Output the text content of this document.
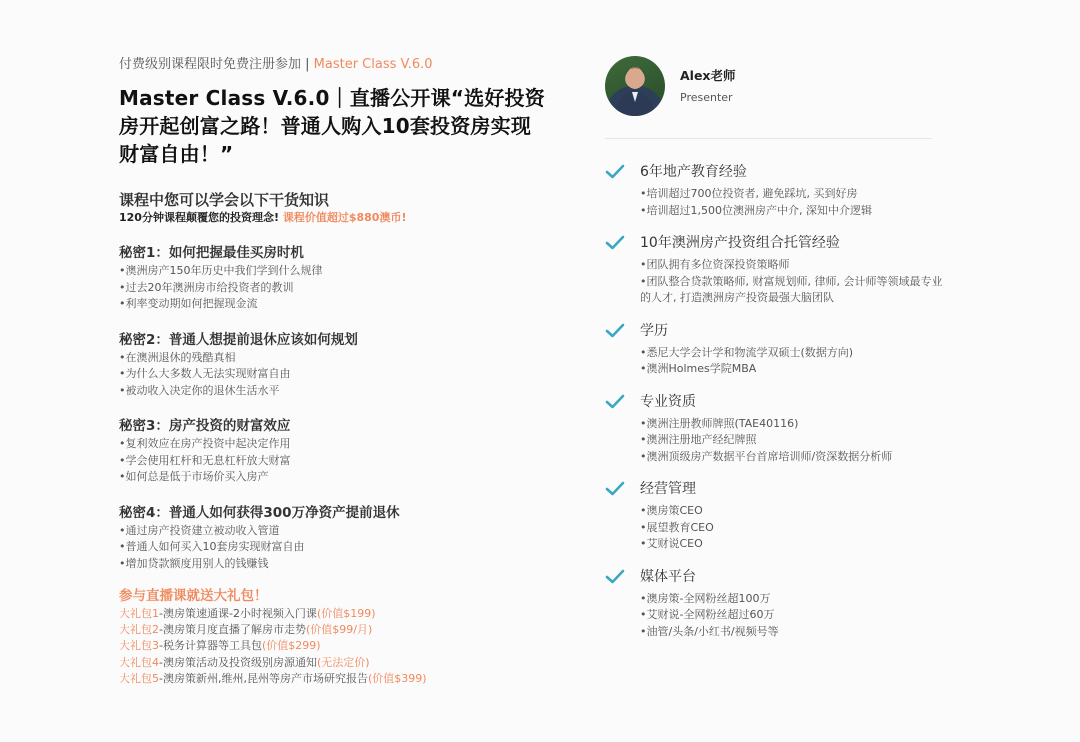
付费级别课程限时免费注册参加 | Master Class V.6.0
Master Class V.6.0｜直播公开课“选好投资房开起创富之路！普通人购入10套投资房实现财富自由！”
课程中您可以学会以下干货知识
120分钟课程颠覆您的投资理念! 课程价值超过$880澳币!
秘密1：如何把握最佳买房时机
•澳洲房产150年历史中我们学到什么规律
•过去20年澳洲房市给投资者的教训
•利率变动期如何把握现金流
秘密2：普通人想提前退休应该如何规划
•在澳洲退休的残酷真相
•为什么大多数人无法实现财富自由
•被动收入决定你的退休生活水平
秘密3：房产投资的财富效应
•复利效应在房产投资中起决定作用
•学会使用杠杆和无息杠杆放大财富
•如何总是低于市场价买入房产
秘密4：普通人如何获得300万净资产提前退休
•通过房产投资建立被动收入管道
•普通人如何买入10套房实现财富自由
•增加贷款额度用别人的钱赚钱
参与直播课就送大礼包！
大礼包1-澳房策速通课-2小时视频入门课(价值$199)
大礼包2-澳房策月度直播了解房市走势(价值$99/月)
大礼包3-税务计算器等工具包(价值$299)
大礼包4-澳房策活动及投资级别房源通知(无法定价)
大礼包5-澳房策新州,维州,昆州等房产市场研究报告(价值$399)
Alex老师
Presenter
6年地产教育经验
•培训超过700位投资者, 避免踩坑, 买到好房
•培训超过1,500位澳洲房产中介, 深知中介逻辑
10年澳洲房产投资组合托管经验
•团队拥有多位资深投资策略师
•团队整合贷款策略师, 财富规划师, 律师, 会计师等领域最专业的人才, 打造澳洲房产投资最强大脑团队
学历
•悉尼大学会计学和物流学双硕士(数据方向)
•澳洲Holmes学院MBA
专业资质
•澳洲注册教师牌照(TAE40116)
•澳洲注册地产经纪牌照
•澳洲顶级房产数据平台首席培训师/资深数据分析师
经营管理
•澳房策CEO
•展望教育CEO
•艾财说CEO
媒体平台
•澳房策-全网粉丝超100万
•艾财说-全网粉丝超过60万
•油管/头条/小红书/视频号等
